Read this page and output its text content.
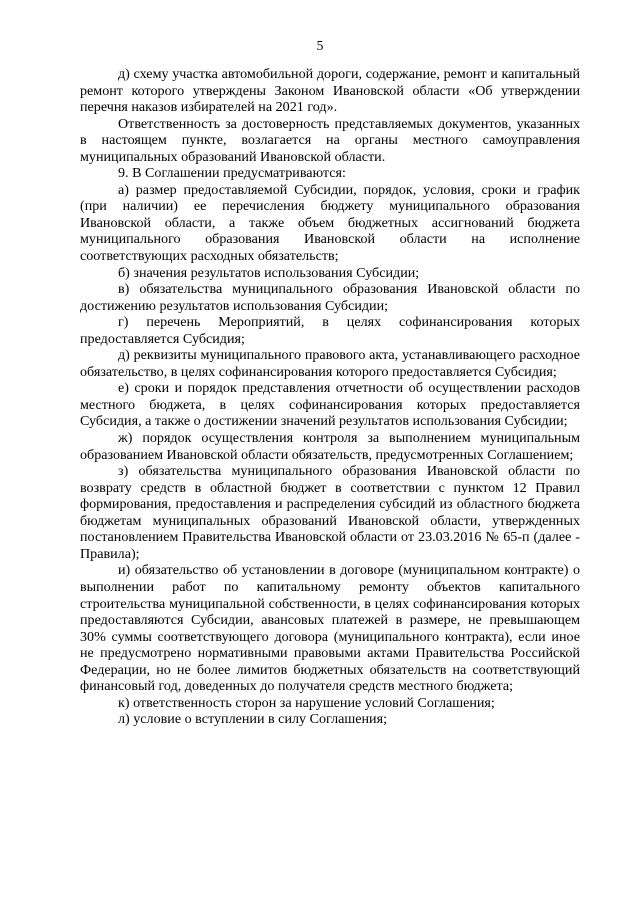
5

д) схему участка автомобильной дороги, содержание, ремонт и капитальный ремонт которого утверждены Законом Ивановской области «Об утверждении перечня наказов избирателей на 2021 год».

Ответственность за достоверность представляемых документов, указанных в настоящем пункте, возлагается на органы местного самоуправления муниципальных образований Ивановской области.

9. В Соглашении предусматриваются:

а) размер предоставляемой Субсидии, порядок, условия, сроки и график (при наличии) ее перечисления бюджету муниципального образования Ивановской области, а также объем бюджетных ассигнований бюджета муниципального образования Ивановской области на исполнение соответствующих расходных обязательств;

б) значения результатов использования Субсидии;

в) обязательства муниципального образования Ивановской области по достижению результатов использования Субсидии;

г) перечень Мероприятий, в целях софинансирования которых предоставляется Субсидия;

д) реквизиты муниципального правового акта, устанавливающего расходное обязательство, в целях софинансирования которого предоставляется Субсидия;

е) сроки и порядок представления отчетности об осуществлении расходов местного бюджета, в целях софинансирования которых предоставляется Субсидия, а также о достижении значений результатов использования Субсидии;

ж) порядок осуществления контроля за выполнением муниципальным образованием Ивановской области обязательств, предусмотренных Соглашением;

з) обязательства муниципального образования Ивановской области по возврату средств в областной бюджет в соответствии с пунктом 12 Правил формирования, предоставления и распределения субсидий из областного бюджета бюджетам муниципальных образований Ивановской области, утвержденных постановлением Правительства Ивановской области от 23.03.2016 № 65-п (далее - Правила);

и) обязательство об установлении в договоре (муниципальном контракте) о выполнении работ по капитальному ремонту объектов капитального строительства муниципальной собственности, в целях софинансирования которых предоставляются Субсидии, авансовых платежей в размере, не превышающем 30% суммы соответствующего договора (муниципального контракта), если иное не предусмотрено нормативными правовыми актами Правительства Российской Федерации, но не более лимитов бюджетных обязательств на соответствующий финансовый год, доведенных до получателя средств местного бюджета;

к) ответственность сторон за нарушение условий Соглашения;

л) условие о вступлении в силу Соглашения;
